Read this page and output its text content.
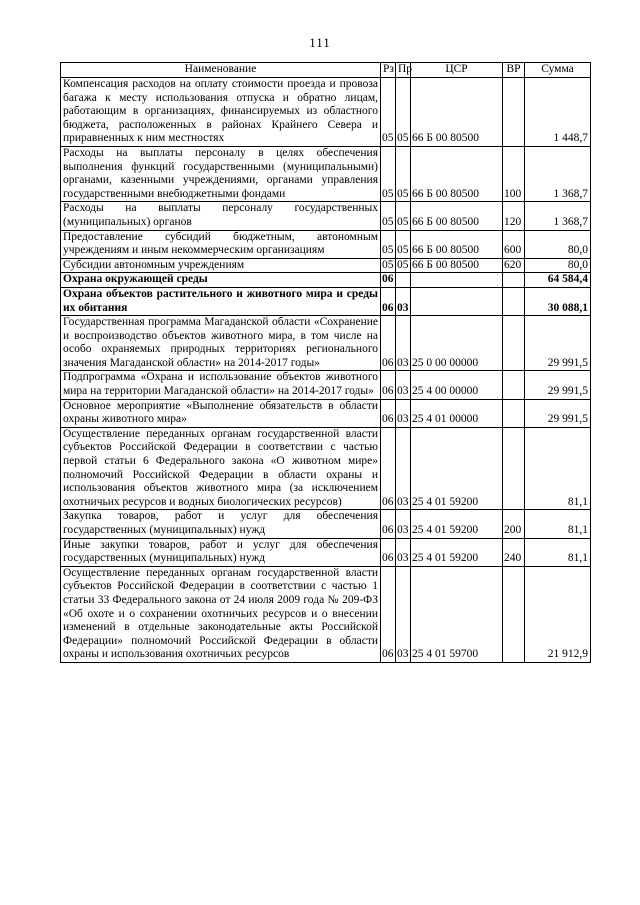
111
Наименование	Рз	Пр	ЦСР	ВР	Сумма
Компенсация расходов на оплату стоимости проезда и провоза багажа к месту использования отпуска и обратно лицам, работающим в организациях, финансируемых из областного бюджета, расположенных в районах Крайнего Севера и приравненных к ним местностях	05	05	66 Б 00 80500		1 448,7
Расходы на выплаты персоналу в целях обеспечения выполнения функций государственными (муниципальными) органами, казенными учреждениями, органами управления государственными внебюджетными фондами	05	05	66 Б 00 80500	100	1 368,7
Расходы на выплаты персоналу государственных (муниципальных) органов	05	05	66 Б 00 80500	120	1 368,7
Предоставление субсидий бюджетным, автономным учреждениям и иным некоммерческим организациям	05	05	66 Б 00 80500	600	80,0
Субсидии автономным учреждениям	05	05	66 Б 00 80500	620	80,0
Охрана окружающей среды	06				64 584,4
Охрана объектов растительного и животного мира и среды их обитания	06	03			30 088,1
Государственная программа Магаданской области «Сохранение и воспроизводство объектов животного мира, в том числе на особо охраняемых природных территориях регионального значения Магаданской области» на 2014-2017 годы»	06	03	25 0 00 00000		29 991,5
Подпрограмма «Охрана и использование объектов животного мира на территории Магаданской области» на 2014-2017 годы»	06	03	25 4 00 00000		29 991,5
Основное мероприятие «Выполнение обязательств в области охраны животного мира»	06	03	25 4 01 00000		29 991,5
Осуществление переданных органам государственной власти субъектов Российской Федерации в соответствии с частью первой статьи 6 Федерального закона «О животном мире» полномочий Российской Федерации в области охраны и использования объектов животного мира (за исключением охотничьих ресурсов и водных биологических ресурсов)	06	03	25 4 01 59200		81,1
Закупка товаров, работ и услуг для обеспечения государственных (муниципальных) нужд	06	03	25 4 01 59200	200	81,1
Иные закупки товаров, работ и услуг для обеспечения государственных (муниципальных) нужд	06	03	25 4 01 59200	240	81,1
Осуществление переданных органам государственной власти субъектов Российской Федерации в соответствии с частью 1 статьи 33 Федерального закона от 24 июля 2009 года № 209-ФЗ «Об охоте и о сохранении охотничьих ресурсов и о внесении изменений в отдельные законодательные акты Российской Федерации» полномочий Российской Федерации в области охраны и использования охотничьих ресурсов	06	03	25 4 01 59700		21 912,9
